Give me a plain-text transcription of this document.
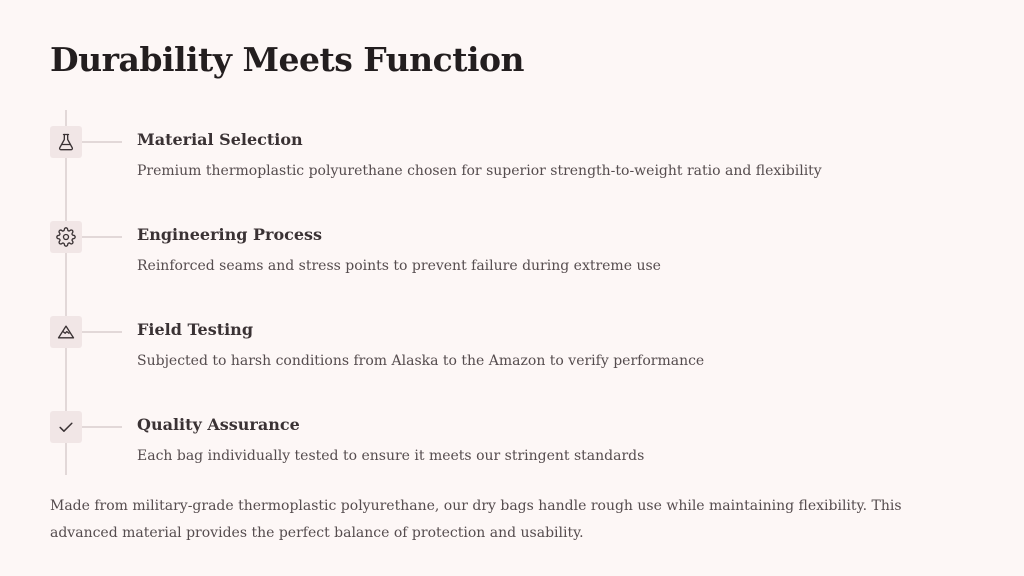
Durability Meets Function
Material Selection
Premium thermoplastic polyurethane chosen for superior strength-to-weight ratio and flexibility
Engineering Process
Reinforced seams and stress points to prevent failure during extreme use
Field Testing
Subjected to harsh conditions from Alaska to the Amazon to verify performance
Quality Assurance
Each bag individually tested to ensure it meets our stringent standards

Made from military-grade thermoplastic polyurethane, our dry bags handle rough use while maintaining flexibility. This advanced material provides the perfect balance of protection and usability.
